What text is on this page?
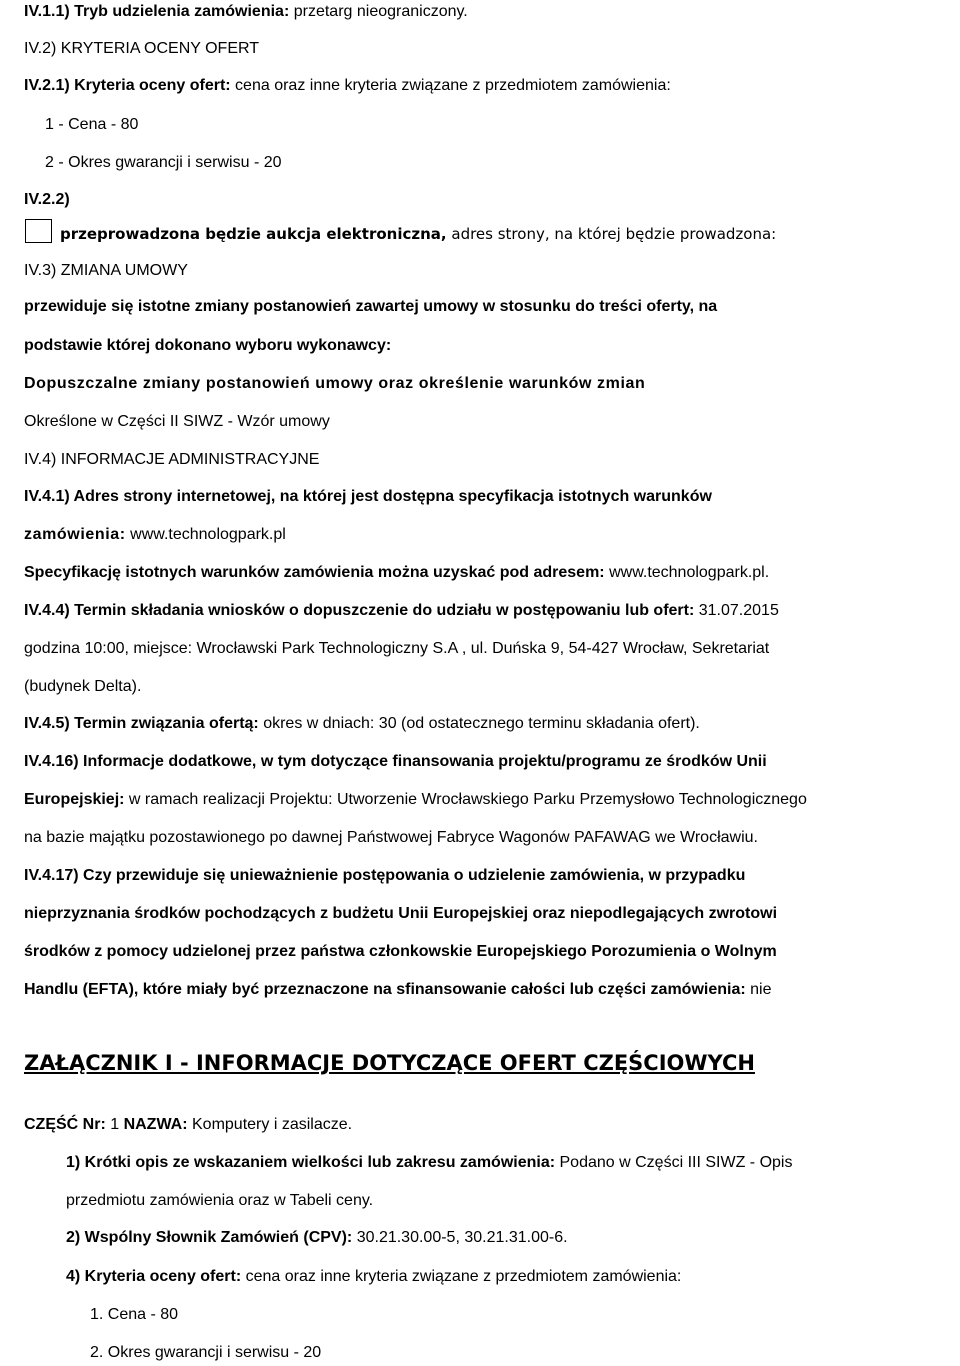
IV.1.1) Tryb udzielenia zamówienia: przetarg nieograniczony.
IV.2) KRYTERIA OCENY OFERT
IV.2.1) Kryteria oceny ofert: cena oraz inne kryteria związane z przedmiotem zamówienia:
1 - Cena - 80
2 - Okres gwarancji i serwisu - 20
IV.2.2)
przeprowadzona będzie aukcja elektroniczna, adres strony, na której będzie prowadzona:
IV.3) ZMIANA UMOWY
przewiduje się istotne zmiany postanowień zawartej umowy w stosunku do treści oferty, na
podstawie której dokonano wyboru wykonawcy:
Dopuszczalne zmiany postanowień umowy oraz określenie warunków zmian
Określone w Części II SIWZ - Wzór umowy
IV.4) INFORMACJE ADMINISTRACYJNE
IV.4.1) Adres strony internetowej, na której jest dostępna specyfikacja istotnych warunków
zamówienia: www.technologpark.pl
Specyfikację istotnych warunków zamówienia można uzyskać pod adresem: www.technologpark.pl.
IV.4.4) Termin składania wniosków o dopuszczenie do udziału w postępowaniu lub ofert: 31.07.2015
godzina 10:00, miejsce: Wrocławski Park Technologiczny S.A , ul. Duńska 9, 54-427 Wrocław, Sekretariat
(budynek Delta).
IV.4.5) Termin związania ofertą: okres w dniach: 30 (od ostatecznego terminu składania ofert).
IV.4.16) Informacje dodatkowe, w tym dotyczące finansowania projektu/programu ze środków Unii
Europejskiej: w ramach realizacji Projektu: Utworzenie Wrocławskiego Parku Przemysłowo Technologicznego
na bazie majątku pozostawionego po dawnej Państwowej Fabryce Wagonów PAFAWAG we Wrocławiu.
IV.4.17) Czy przewiduje się unieważnienie postępowania o udzielenie zamówienia, w przypadku
nieprzyznania środków pochodzących z budżetu Unii Europejskiej oraz niepodlegających zwrotowi
środków z pomocy udzielonej przez państwa członkowskie Europejskiego Porozumienia o Wolnym
Handlu (EFTA), które miały być przeznaczone na sfinansowanie całości lub części zamówienia: nie
ZAŁĄCZNIK I - INFORMACJE DOTYCZĄCE OFERT CZĘŚCIOWYCH
CZĘŚĆ Nr: 1 NAZWA: Komputery i zasilacze.
1) Krótki opis ze wskazaniem wielkości lub zakresu zamówienia: Podano w Części III SIWZ - Opis
przedmiotu zamówienia oraz w Tabeli ceny.
2) Wspólny Słownik Zamówień (CPV): 30.21.30.00-5, 30.21.31.00-6.
4) Kryteria oceny ofert: cena oraz inne kryteria związane z przedmiotem zamówienia:
1. Cena - 80
2. Okres gwarancji i serwisu - 20
